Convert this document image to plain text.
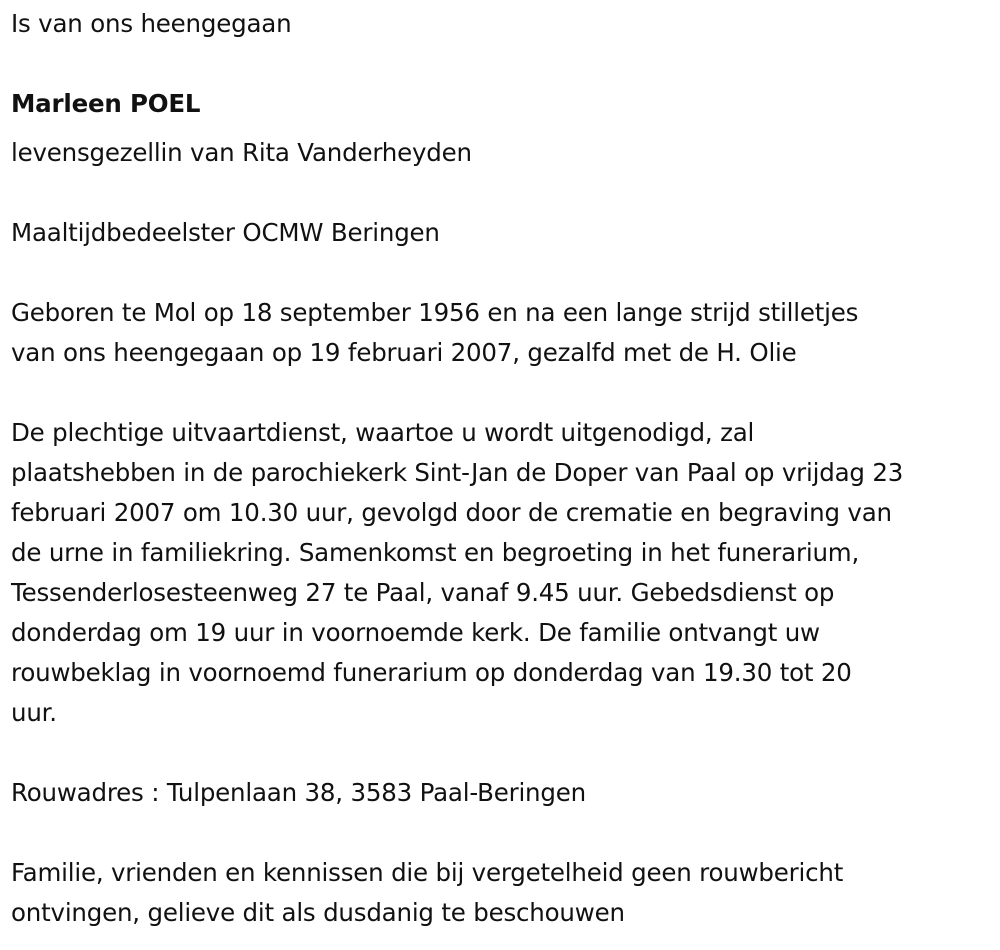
Is van ons heengegaan
Marleen POEL
levensgezellin van Rita Vanderheyden
Maaltijdbedeelster OCMW Beringen
Geboren te Mol op 18 september 1956 en na een lange strijd stilletjes
van ons heengegaan op 19 februari 2007, gezalfd met de H. Olie
De plechtige uitvaartdienst, waartoe u wordt uitgenodigd, zal
plaatshebben in de parochiekerk Sint-Jan de Doper van Paal op vrijdag 23
februari 2007 om 10.30 uur, gevolgd door de crematie en begraving van
de urne in familiekring. Samenkomst en begroeting in het funerarium,
Tessenderlosesteenweg 27 te Paal, vanaf 9.45 uur. Gebedsdienst op
donderdag om 19 uur in voornoemde kerk. De familie ontvangt uw
rouwbeklag in voornoemd funerarium op donderdag van 19.30 tot 20
uur.
Rouwadres : Tulpenlaan 38, 3583 Paal-Beringen
Familie, vrienden en kennissen die bij vergetelheid geen rouwbericht
ontvingen, gelieve dit als dusdanig te beschouwen
